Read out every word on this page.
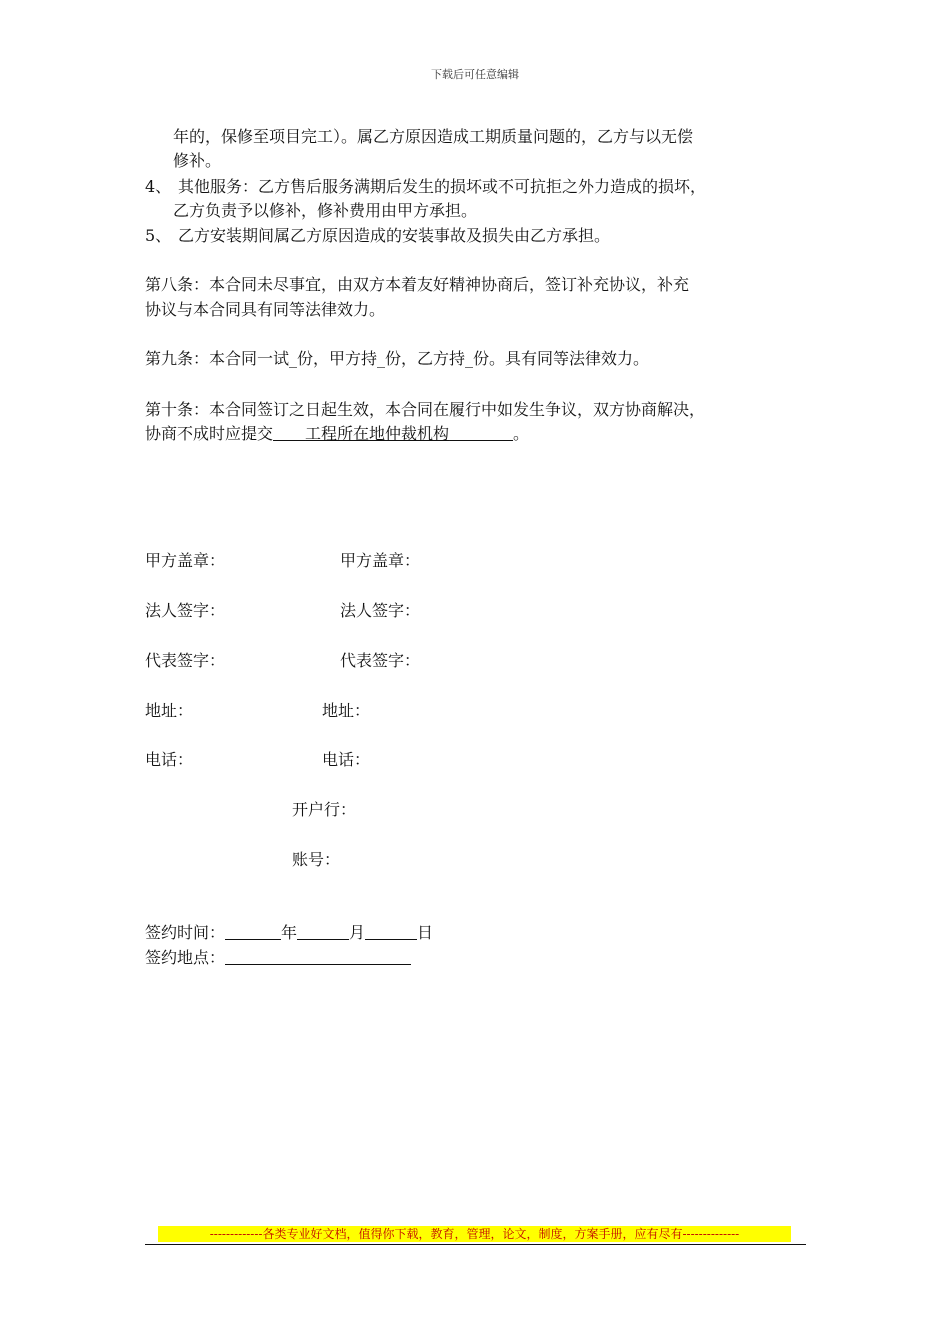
下载后可任意编辑
年的，保修至项目完工）。属乙方原因造成工期质量问题的，乙方与以无偿
修补。
4、 其他服务：乙方售后服务满期后发生的损坏或不可抗拒之外力造成的损坏，
乙方负责予以修补，修补费用由甲方承担。
5、 乙方安装期间属乙方原因造成的安装事故及损失由乙方承担。
第八条：本合同未尽事宜，由双方本着友好精神协商后，签订补充协议，补充
协议与本合同具有同等法律效力。
第九条：本合同一试_份，甲方持_份，乙方持_份。具有同等法律效力。
第十条：本合同签订之日起生效，本合同在履行中如发生争议，双方协商解决，
协商不成时应提交   工程所在地仲裁机构    	。
甲方盖章：	甲方盖章：
法人签字：	法人签字：
代表签字：	代表签字：
地址：	地址：
电话：	电话：
开户行：
账号：
签约时间：	年	月	日
签约地点：
-------------各类专业好文档，值得你下载，教育，管理，论文，制度，方案手册，应有尽有--------------
